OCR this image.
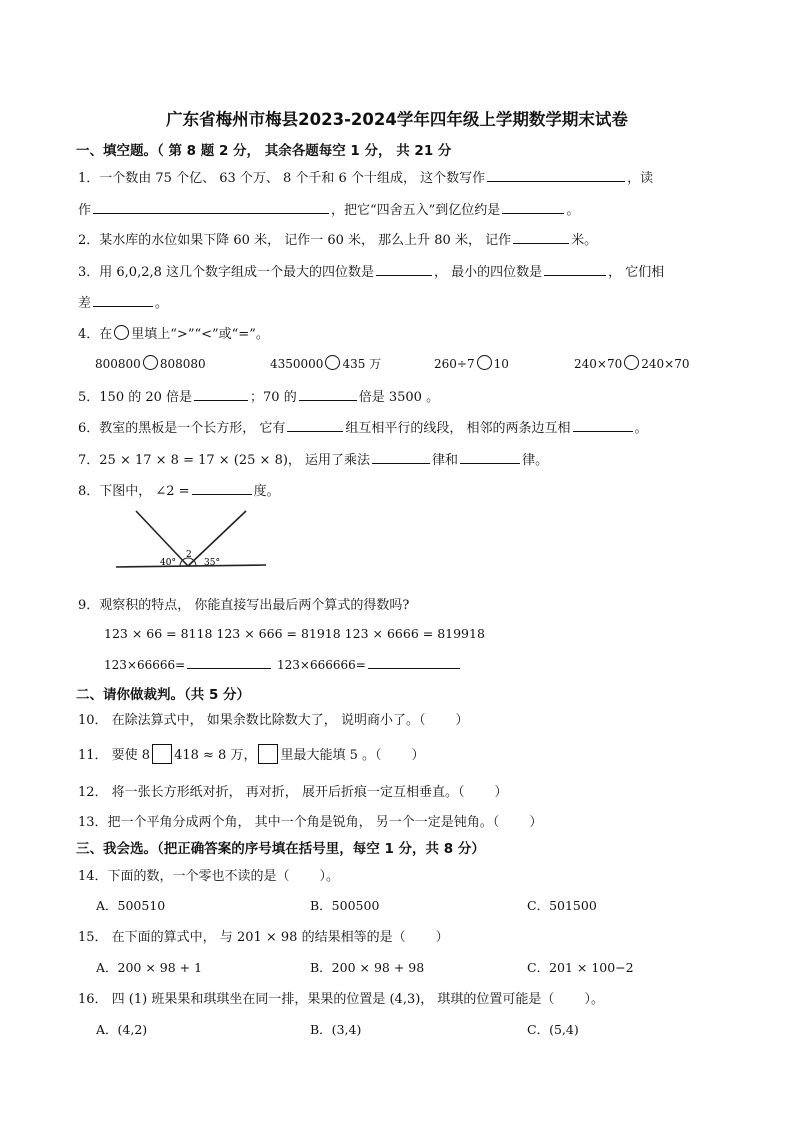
广东省梅州市梅县2023-2024学年四年级上学期数学期末试卷
一、填空题。（ 第 8 题 2 分， 其余各题每空 1 分， 共 21 分
1．一个数由 75 个亿、 63 个万、 8 个千和 6 个十组成， 这个数写作	，读
作	，把它“四舍五入”到亿位约是	。
2．某水库的水位如果下降 60 米， 记作一 60 米， 那么上升 80 米， 记作	米。
3．用 6,0,2,8 这几个数字组成一个最大的四位数是	， 最小的四位数是	， 它们相
差	。
4．在 里填上“>”“<”或“=”。
800800 808080	4350000 435 万	260÷7 10	240×70 240×70
5．150 的 20 倍是	；70 的	倍是 3500 。
6．教室的黑板是一个长方形， 它有	组互相平行的线段， 相邻的两条边互相	。
7．25 × 17 × 8 = 17 × (25 × 8)， 运用了乘法	律和	律。
8．下图中， ∠2 =	度。
40°
2
35°
9．观察积的特点， 你能直接写出最后两个算式的得数吗?
123 × 66 = 8118 123 × 666 = 81918 123 × 6666 = 819918
123×66666=	123×666666=
二、请你做裁判。（共 5 分）
10． 在除法算式中， 如果余数比除数大了， 说明商小了。（ ）
11． 要使 8 418 ≈ 8 万， 里最大能填 5 。（ ）
12． 将一张长方形纸对折， 再对折， 展开后折痕一定互相垂直。（ ）
13．把一个平角分成两个角， 其中一个角是锐角， 另一个一定是钝角。（ ）
三、我会选。（把正确答案的序号填在括号里，每空 1 分，共 8 分）
14．下面的数，一个零也不读的是（ ）。
A．500510	B．500500	C．501500
15． 在下面的算式中， 与 201 × 98 的结果相等的是（ ）
A．200 × 98 + 1	B．200 × 98 + 98	C．201 × 100−2
16． 四 (1) 班果果和琪琪坐在同一排，果果的位置是 (4,3)， 琪琪的位置可能是（ ）。
A．(4,2)	B．(3,4)	C．(5,4)
